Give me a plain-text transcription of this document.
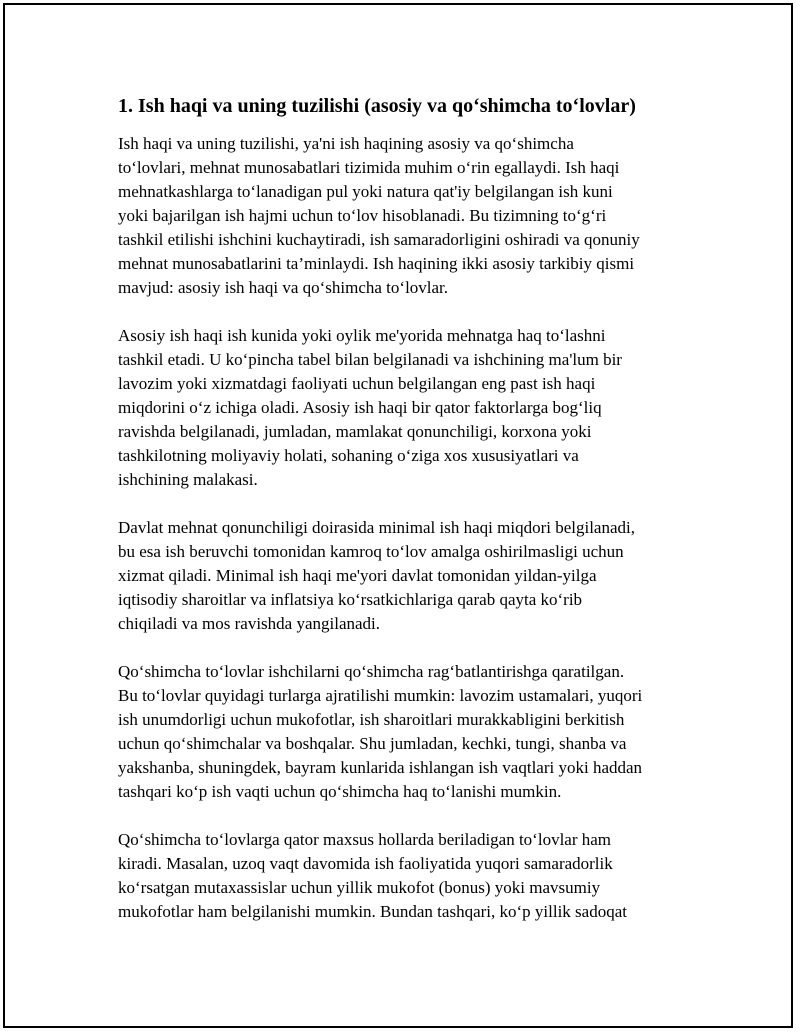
1. Ish haqi va uning tuzilishi (asosiy va qo‘shimcha to‘lovlar)

Ish haqi va uning tuzilishi, ya'ni ish haqining asosiy va qo‘shimcha
to‘lovlari, mehnat munosabatlari tizimida muhim o‘rin egallaydi. Ish haqi
mehnatkashlarga to‘lanadigan pul yoki natura qat'iy belgilangan ish kuni
yoki bajarilgan ish hajmi uchun to‘lov hisoblanadi. Bu tizimning to‘g‘ri
tashkil etilishi ishchini kuchaytiradi, ish samaradorligini oshiradi va qonuniy
mehnat munosabatlarini ta’minlaydi. Ish haqining ikki asosiy tarkibiy qismi
mavjud: asosiy ish haqi va qo‘shimcha to‘lovlar.

Asosiy ish haqi ish kunida yoki oylik me'yorida mehnatga haq to‘lashni
tashkil etadi. U ko‘pincha tabel bilan belgilanadi va ishchining ma'lum bir
lavozim yoki xizmatdagi faoliyati uchun belgilangan eng past ish haqi
miqdorini o‘z ichiga oladi. Asosiy ish haqi bir qator faktorlarga bog‘liq
ravishda belgilanadi, jumladan, mamlakat qonunchiligi, korxona yoki
tashkilotning moliyaviy holati, sohaning o‘ziga xos xususiyatlari va
ishchining malakasi.

Davlat mehnat qonunchiligi doirasida minimal ish haqi miqdori belgilanadi,
bu esa ish beruvchi tomonidan kamroq to‘lov amalga oshirilmasligi uchun
xizmat qiladi. Minimal ish haqi me'yori davlat tomonidan yildan-yilga
iqtisodiy sharoitlar va inflatsiya ko‘rsatkichlariga qarab qayta ko‘rib
chiqiladi va mos ravishda yangilanadi.

Qo‘shimcha to‘lovlar ishchilarni qo‘shimcha rag‘batlantirishga qaratilgan.
Bu to‘lovlar quyidagi turlarga ajratilishi mumkin: lavozim ustamalari, yuqori
ish unumdorligi uchun mukofotlar, ish sharoitlari murakkabligini berkitish
uchun qo‘shimchalar va boshqalar. Shu jumladan, kechki, tungi, shanba va
yakshanba, shuningdek, bayram kunlarida ishlangan ish vaqtlari yoki haddan
tashqari ko‘p ish vaqti uchun qo‘shimcha haq to‘lanishi mumkin.

Qo‘shimcha to‘lovlarga qator maxsus hollarda beriladigan to‘lovlar ham
kiradi. Masalan, uzoq vaqt davomida ish faoliyatida yuqori samaradorlik
ko‘rsatgan mutaxassislar uchun yillik mukofot (bonus) yoki mavsumiy
mukofotlar ham belgilanishi mumkin. Bundan tashqari, ko‘p yillik sadoqat
